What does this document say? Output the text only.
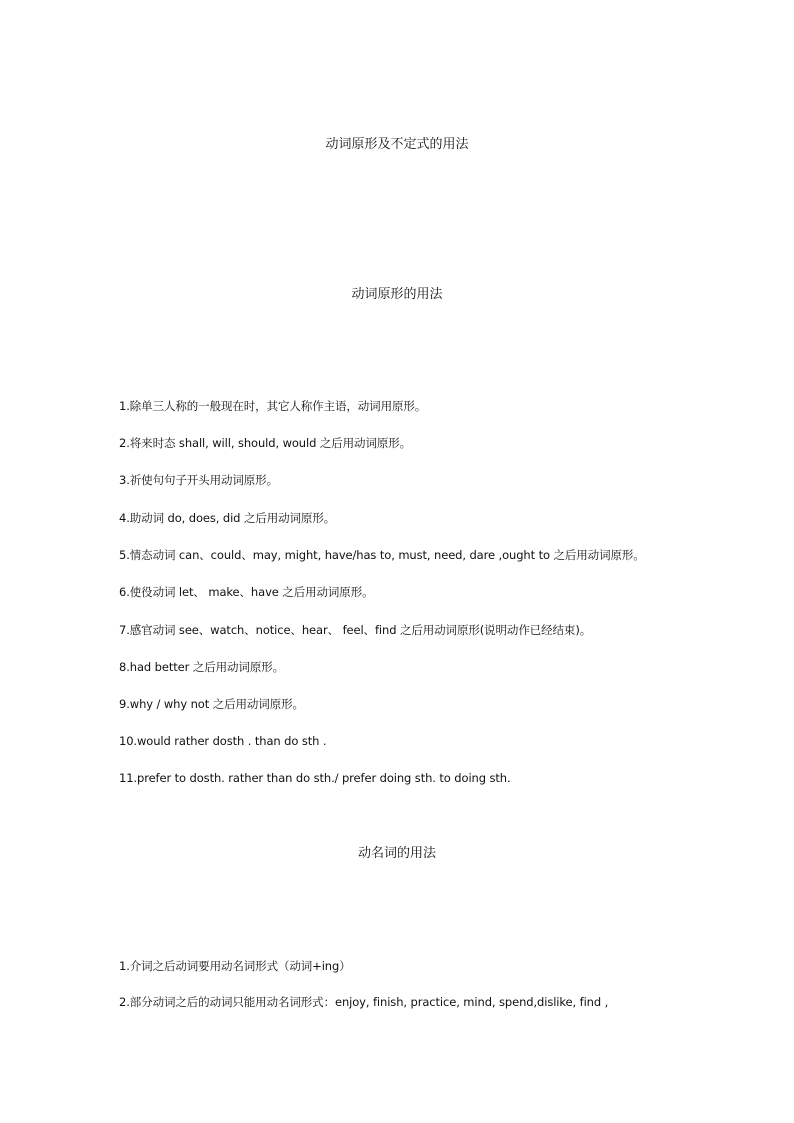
动词原形及不定式的用法
动词原形的用法
1.除单三人称的一般现在时，其它人称作主语，动词用原形。
2.将来时态 shall, will, should, would 之后用动词原形。
3.祈使句句子开头用动词原形。
4.助动词 do, does, did 之后用动词原形。
5.情态动词 can、could、may, might, have/has to, must, need, dare ,ought to 之后用动词原形。
6.使役动词 let、 make、have 之后用动词原形。
7.感官动词 see、watch、notice、hear、 feel、find 之后用动词原形(说明动作已经结束)。
8.had better 之后用动词原形。
9.why / why not 之后用动词原形。
10.would rather dosth . than do sth .
11.prefer to dosth. rather than do sth./ prefer doing sth. to doing sth.
动名词的用法
1.介词之后动词要用动名词形式（动词+ing）
2.部分动词之后的动词只能用动名词形式：enjoy, finish, practice, mind, spend,dislike, find ,
